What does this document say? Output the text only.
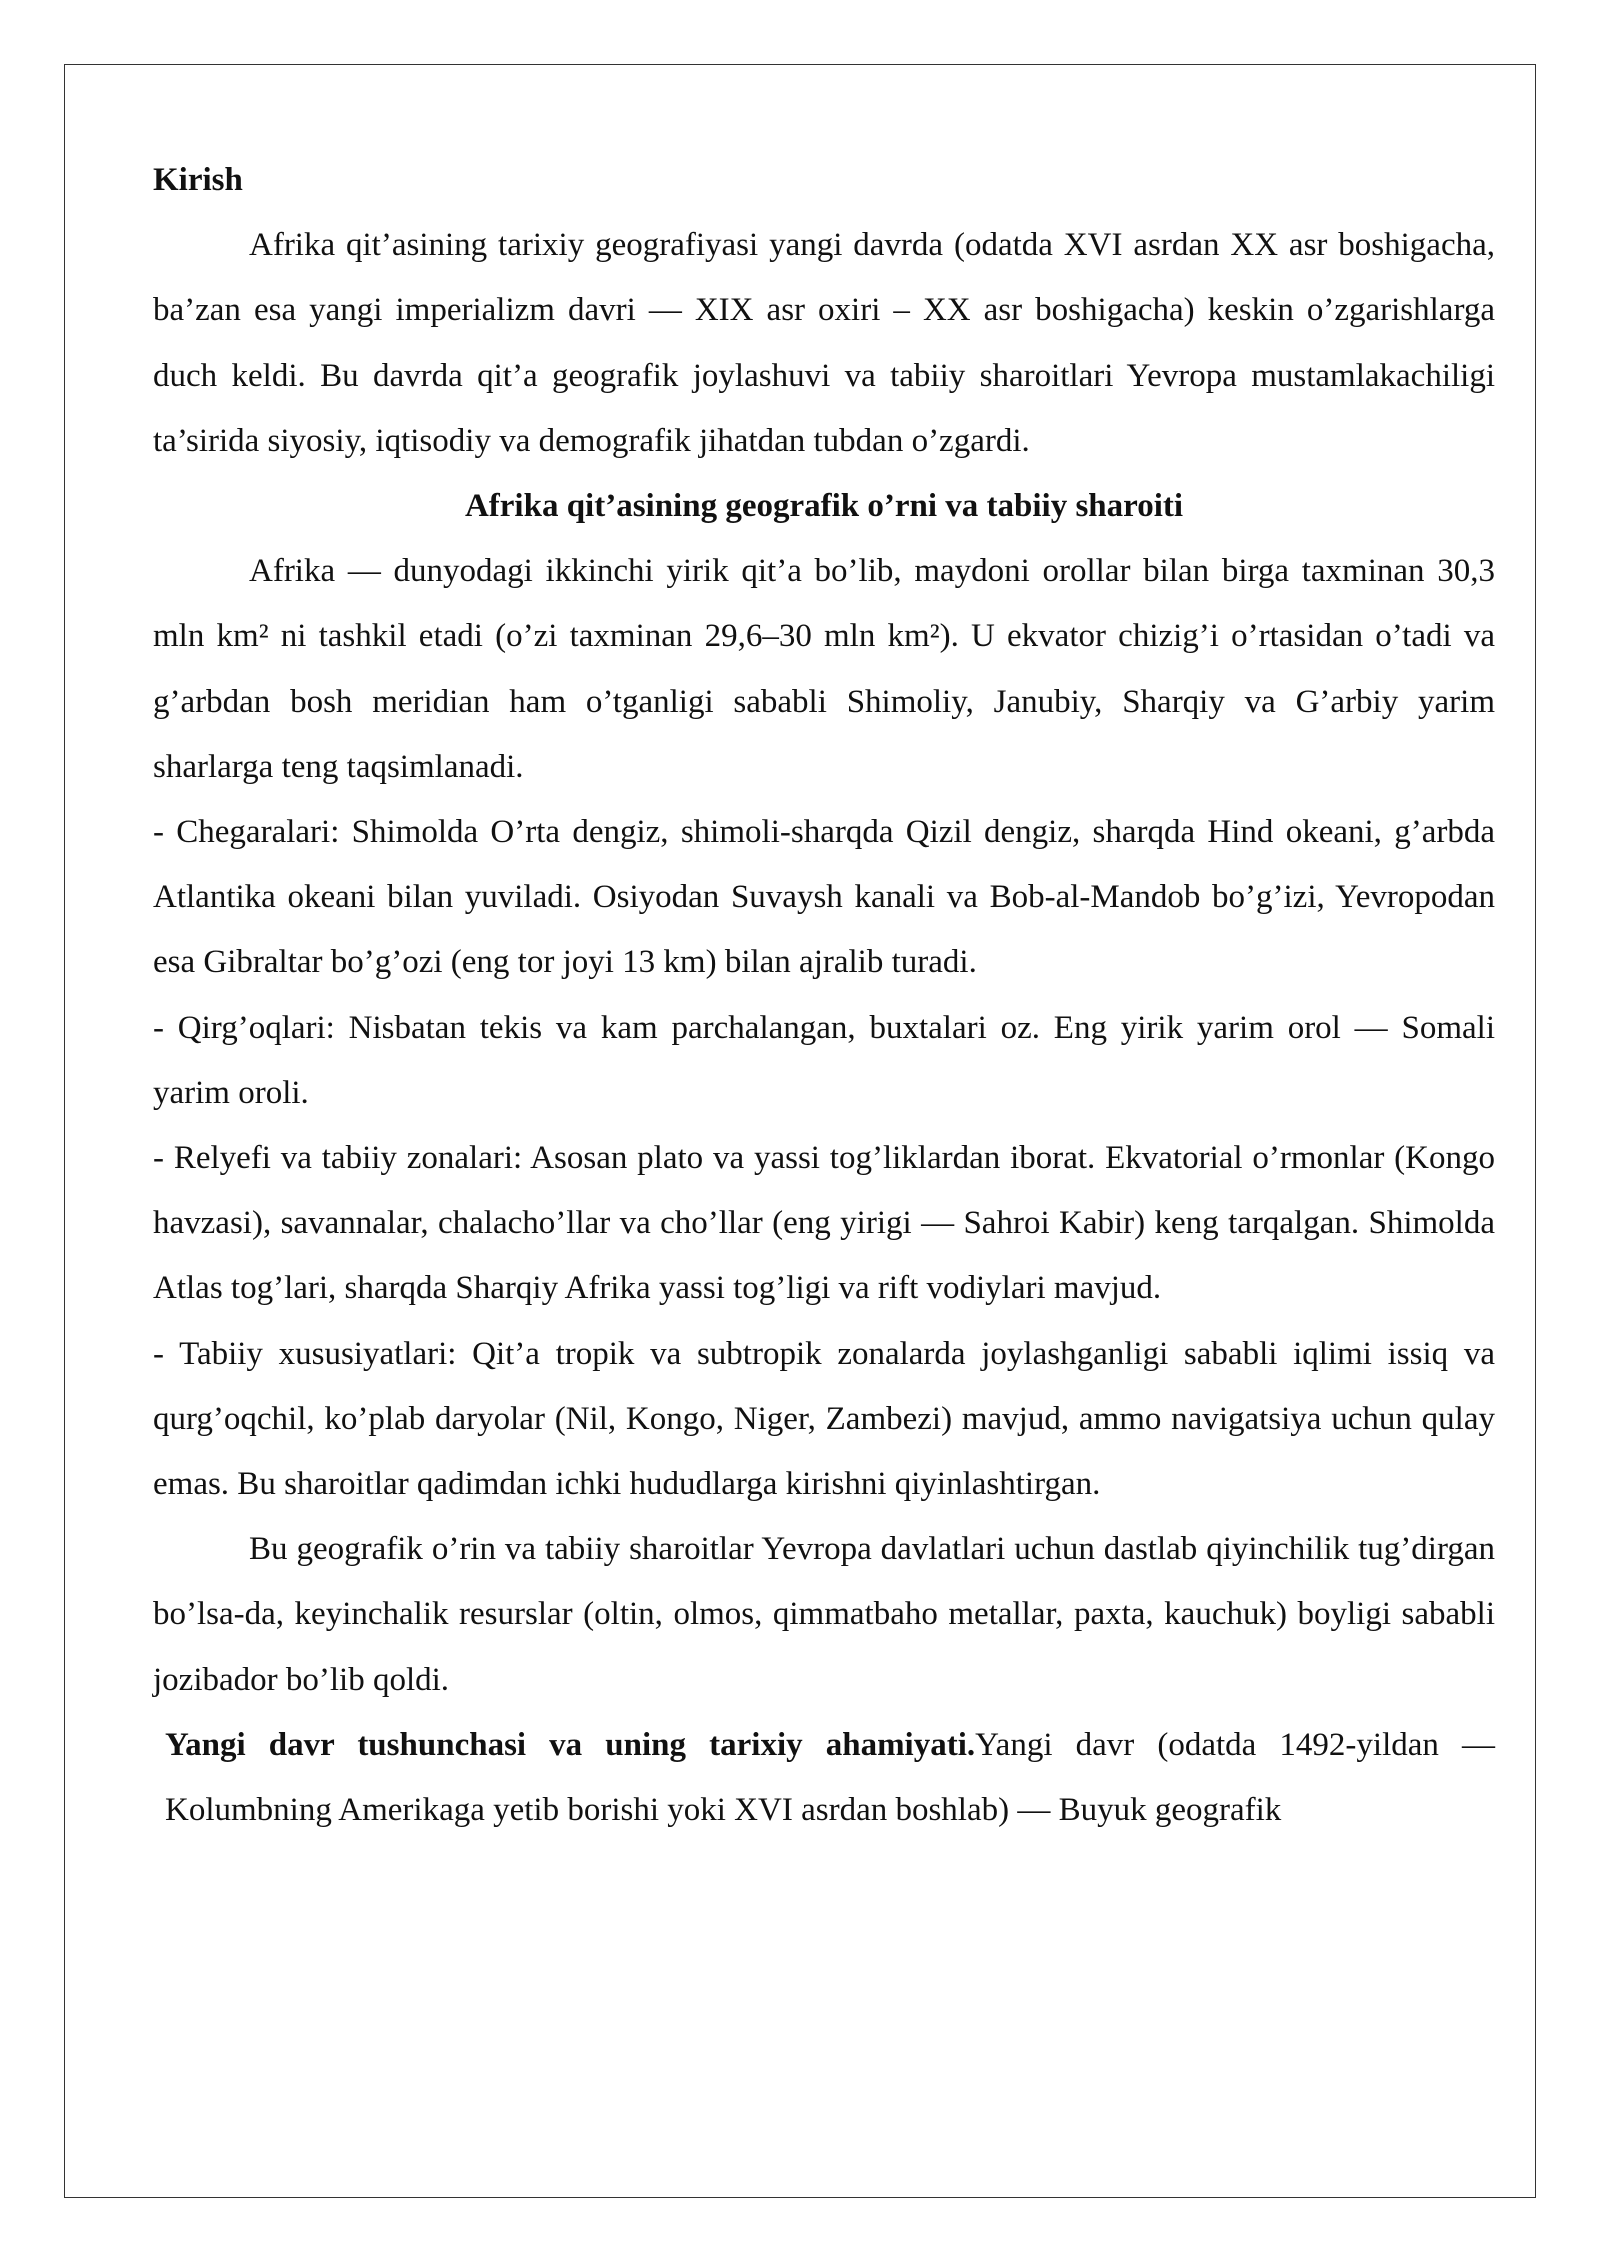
Kirish

Afrika qit’asining tarixiy geografiyasi yangi davrda (odatda XVI asrdan XX asr boshigacha, ba’zan esa yangi imperializm davri — XIX asr oxiri – XX asr boshigacha) keskin o’zgarishlarga duch keldi. Bu davrda qit’a geografik joylashuvi va tabiiy sharoitlari Yevropa mustamlakachiligi ta’sirida siyosiy, iqtisodiy va demografik jihatdan tubdan o’zgardi.

Afrika qit’asining geografik o’rni va tabiiy sharoiti

Afrika — dunyodagi ikkinchi yirik qit’a bo’lib, maydoni orollar bilan birga taxminan 30,3 mln km² ni tashkil etadi (o’zi taxminan 29,6–30 mln km²). U ekvator chizig’i o’rtasidan o’tadi va g’arbdan bosh meridian ham o’tganligi sababli Shimoliy, Janubiy, Sharqiy va G’arbiy yarim sharlarga teng taqsimlanadi.

- Chegaralari: Shimolda O’rta dengiz, shimoli-sharqda Qizil dengiz, sharqda Hind okeani, g’arbda Atlantika okeani bilan yuviladi. Osiyodan Suvaysh kanali va Bob-al-Mandob bo’g’izi, Yevropodan esa Gibraltar bo’g’ozi (eng tor joyi 13 km) bilan ajralib turadi.

- Qirg’oqlari: Nisbatan tekis va kam parchalangan, buxtalari oz. Eng yirik yarim orol — Somali yarim oroli.

- Relyefi va tabiiy zonalari: Asosan plato va yassi tog’liklardan iborat. Ekvatorial o’rmonlar (Kongo havzasi), savannalar, chalacho’llar va cho’llar (eng yirigi — Sahroi Kabir) keng tarqalgan. Shimolda Atlas tog’lari, sharqda Sharqiy Afrika yassi tog’ligi va rift vodiylari mavjud.

- Tabiiy xususiyatlari: Qit’a tropik va subtropik zonalarda joylashganligi sababli iqlimi issiq va qurg’oqchil, ko’plab daryolar (Nil, Kongo, Niger, Zambezi) mavjud, ammo navigatsiya uchun qulay emas. Bu sharoitlar qadimdan ichki hududlarga kirishni qiyinlashtirgan.

Bu geografik o’rin va tabiiy sharoitlar Yevropa davlatlari uchun dastlab qiyinchilik tug’dirgan bo’lsa-da, keyinchalik resurslar (oltin, olmos, qimmatbaho metallar, paxta, kauchuk) boyligi sababli jozibador bo’lib qoldi.

Yangi davr tushunchasi va uning tarixiy ahamiyati.Yangi davr (odatda 1492-yildan — Kolumbning Amerikaga yetib borishi yoki XVI asrdan boshlab) — Buyuk geografik
